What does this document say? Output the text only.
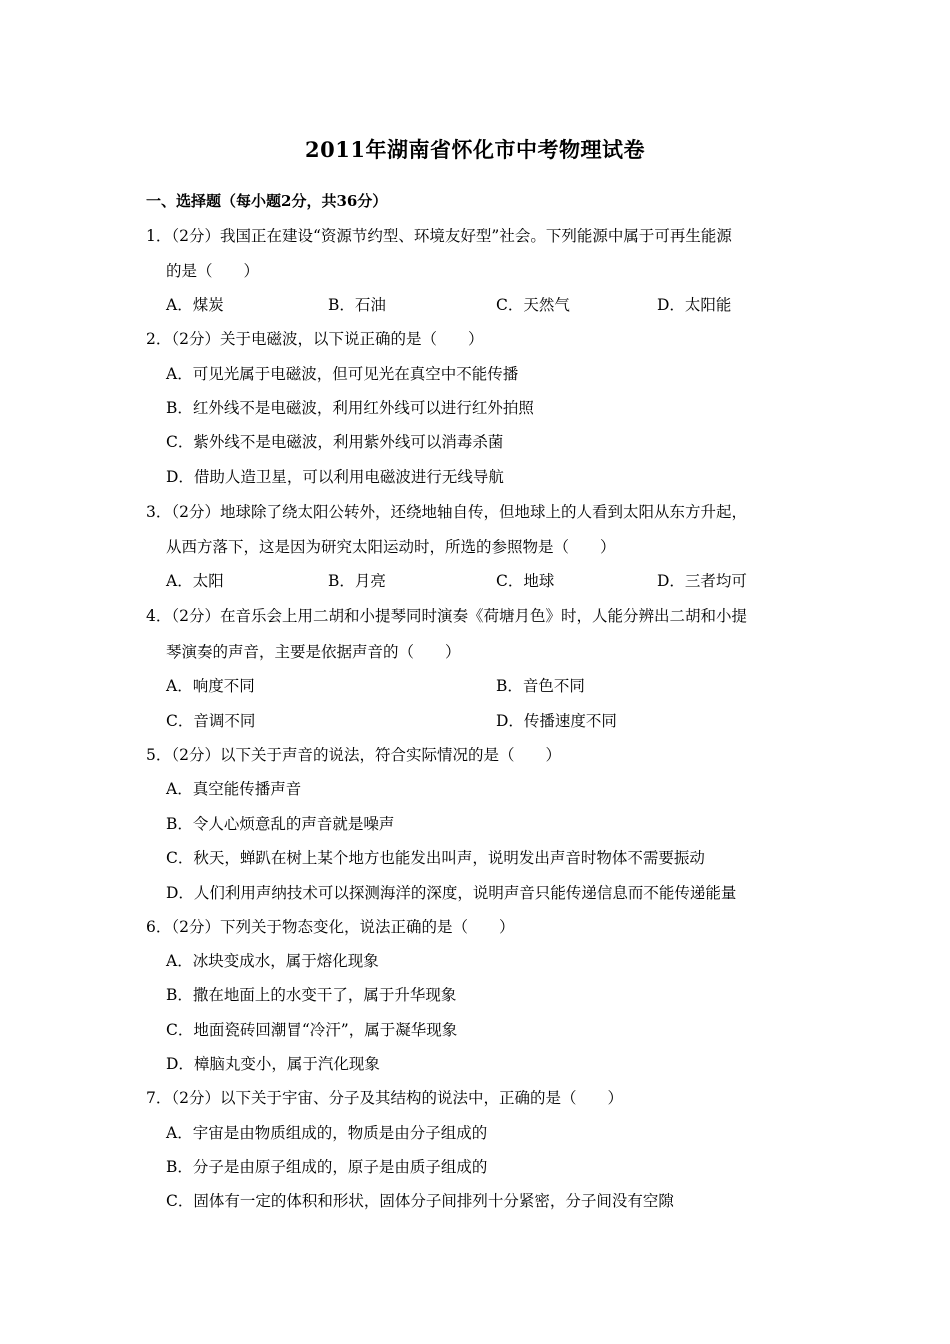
2011年湖南省怀化市中考物理试卷
一、选择题（每小题2分，共36分）
1．（2分）我国正在建设“资源节约型、环境友好型”社会。下列能源中属于可再生能源
的是（　　）
A．煤炭	B．石油	C．天然气	D．太阳能
2．（2分）关于电磁波，以下说正确的是（　　）
A．可见光属于电磁波，但可见光在真空中不能传播
B．红外线不是电磁波，利用红外线可以进行红外拍照
C．紫外线不是电磁波，利用紫外线可以消毒杀菌
D．借助人造卫星，可以利用电磁波进行无线导航
3．（2分）地球除了绕太阳公转外，还绕地轴自传，但地球上的人看到太阳从东方升起，
从西方落下，这是因为研究太阳运动时，所选的参照物是（　　）
A．太阳	B．月亮	C．地球	D．三者均可
4．（2分）在音乐会上用二胡和小提琴同时演奏《荷塘月色》时，人能分辨出二胡和小提
琴演奏的声音，主要是依据声音的（　　）
A．响度不同	B．音色不同
C．音调不同	D．传播速度不同
5．（2分）以下关于声音的说法，符合实际情况的是（　　）
A．真空能传播声音
B．令人心烦意乱的声音就是噪声
C．秋天，蝉趴在树上某个地方也能发出叫声，说明发出声音时物体不需要振动
D．人们利用声纳技术可以探测海洋的深度，说明声音只能传递信息而不能传递能量
6．（2分）下列关于物态变化，说法正确的是（　　）
A．冰块变成水，属于熔化现象
B．撒在地面上的水变干了，属于升华现象
C．地面瓷砖回潮冒“冷汗”，属于凝华现象
D．樟脑丸变小，属于汽化现象
7．（2分）以下关于宇宙、分子及其结构的说法中，正确的是（　　）
A．宇宙是由物质组成的，物质是由分子组成的
B．分子是由原子组成的，原子是由质子组成的
C．固体有一定的体积和形状，固体分子间排列十分紧密，分子间没有空隙
